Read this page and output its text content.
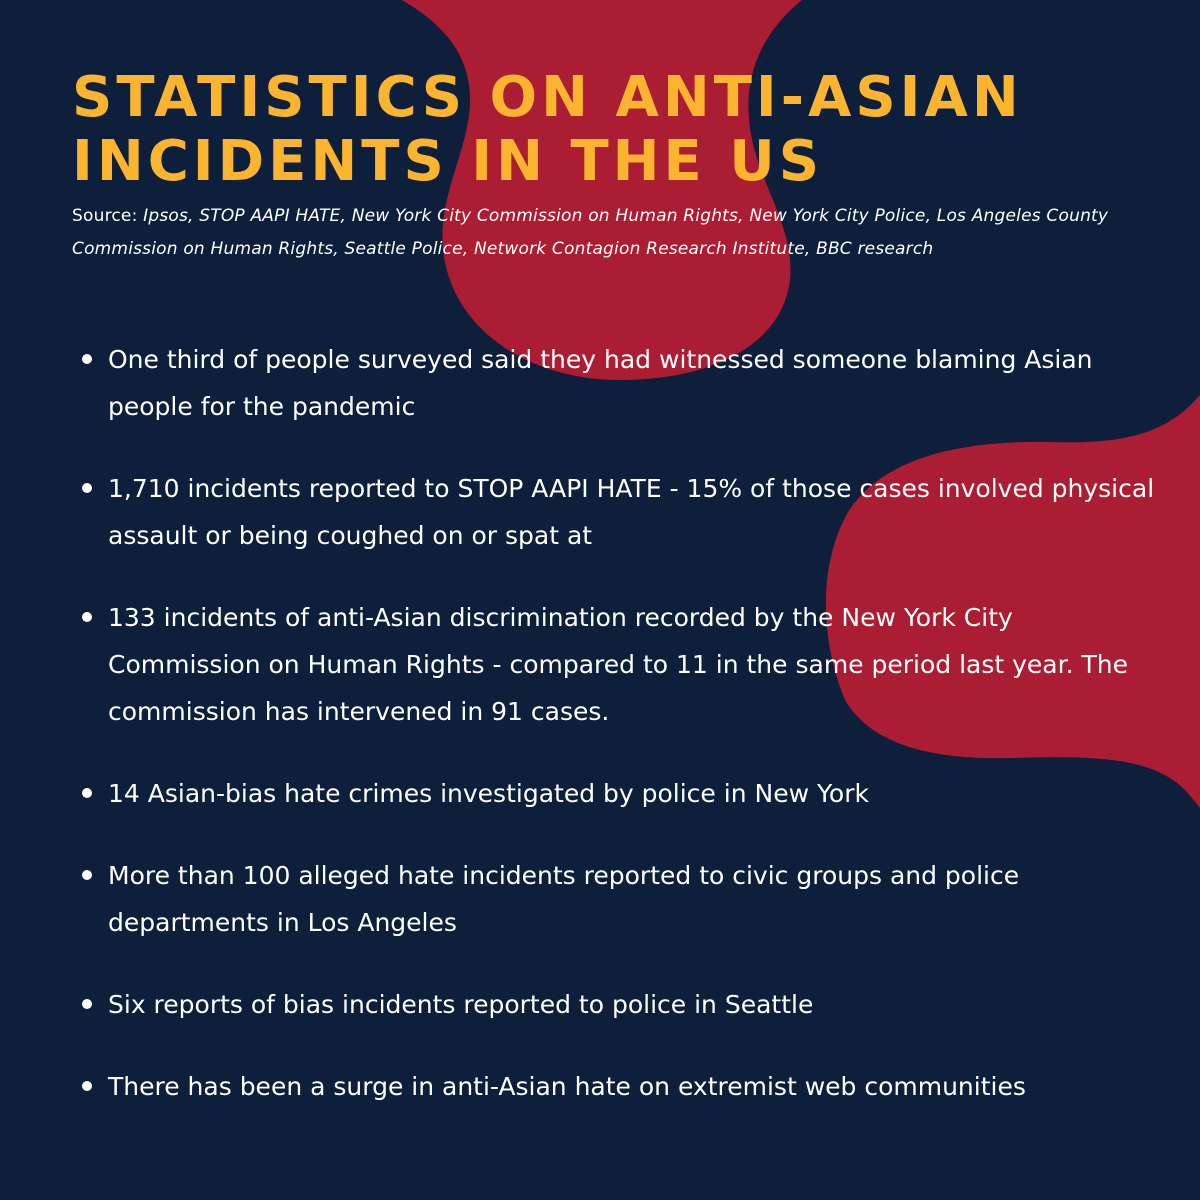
STATISTICS ON ANTI-ASIAN
INCIDENTS IN THE US

Source: Ipsos, STOP AAPI HATE, New York City Commission on Human Rights, New York City Police, Los Angeles County Commission on Human Rights, Seattle Police, Network Contagion Research Institute, BBC research

One third of people surveyed said they had witnessed someone blaming Asian people for the pandemic
1,710 incidents reported to STOP AAPI HATE - 15% of those cases involved physical assault or being coughed on or spat at
133 incidents of anti-Asian discrimination recorded by the New York City Commission on Human Rights - compared to 11 in the same period last year. The commission has intervened in 91 cases.
14 Asian-bias hate crimes investigated by police in New York
More than 100 alleged hate incidents reported to civic groups and police departments in Los Angeles
Six reports of bias incidents reported to police in Seattle
There has been a surge in anti-Asian hate on extremist web communities
